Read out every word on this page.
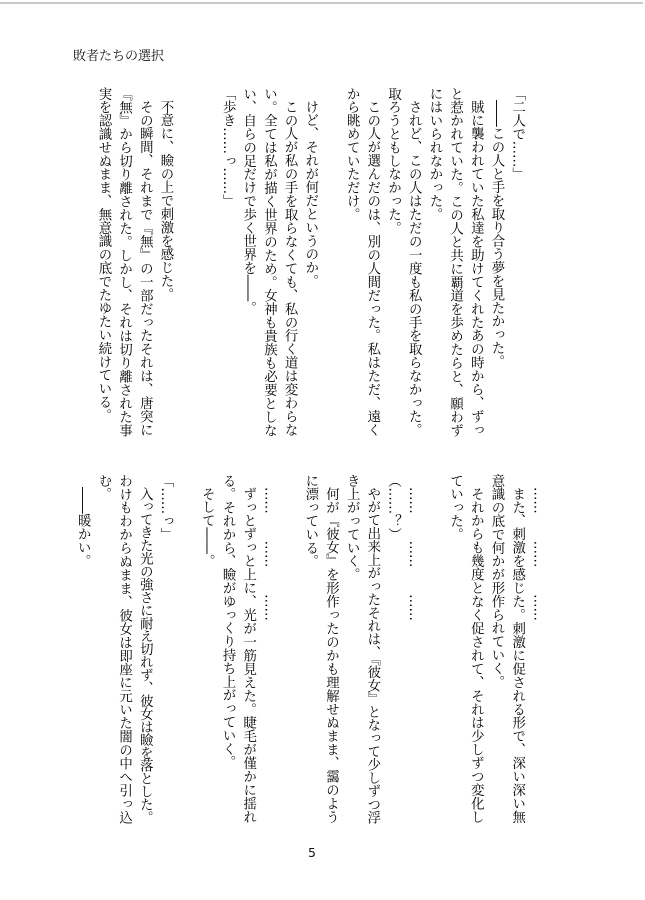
敗者たちの選択
「二人で……」
――この人と手を取り合う夢を見たかった。
賊に襲われていた私達を助けてくれたあの時から、ずっ
と惹かれていた。この人と共に覇道を歩めたらと、願わず
にはいられなかった。
されど、この人はただの一度も私の手を取らなかった。
取ろうともしなかった。
この人が選んだのは、別の人間だった。私はただ、遠く
から眺めていただけ。
けど、それが何だというのか。
この人が私の手を取らなくても、私の行く道は変わらな
い。全ては私が描く世界のため。女神も貴族も必要としな
い、自らの足だけで歩く世界を――。
「歩き……っ……」
不意に、瞼の上で刺激を感じた。
その瞬間、それまで『無』の一部だったそれは、唐突に
『無』から切り離された。しかし、それは切り離された事
実を認識せぬまま、無意識の底でたゆたい続けている。
……　　……　　……
また、刺激を感じた。刺激に促される形で、深い深い無
意識の底で何かが形作られていく。
それからも幾度となく促されて、それは少しずつ変化し
ていった。
……　　……　　……
（……？）
やがて出来上がったそれは、『彼女』となって少しずつ浮
き上がっていく。
何が『彼女』を形作ったのかも理解せぬまま、靄のよう
に漂っている。
……　　……　　……
ずっとずっと上に、光が一筋見えた。睫毛が僅かに揺れ
る。それから、瞼がゆっくり持ち上がっていく。
そして――。
「……っ」
入ってきた光の強さに耐え切れず、彼女は瞼を落とした。
わけもわからぬまま、彼女は即座に元いた闇の中へ引っ込
む。
――暖かい。
5
